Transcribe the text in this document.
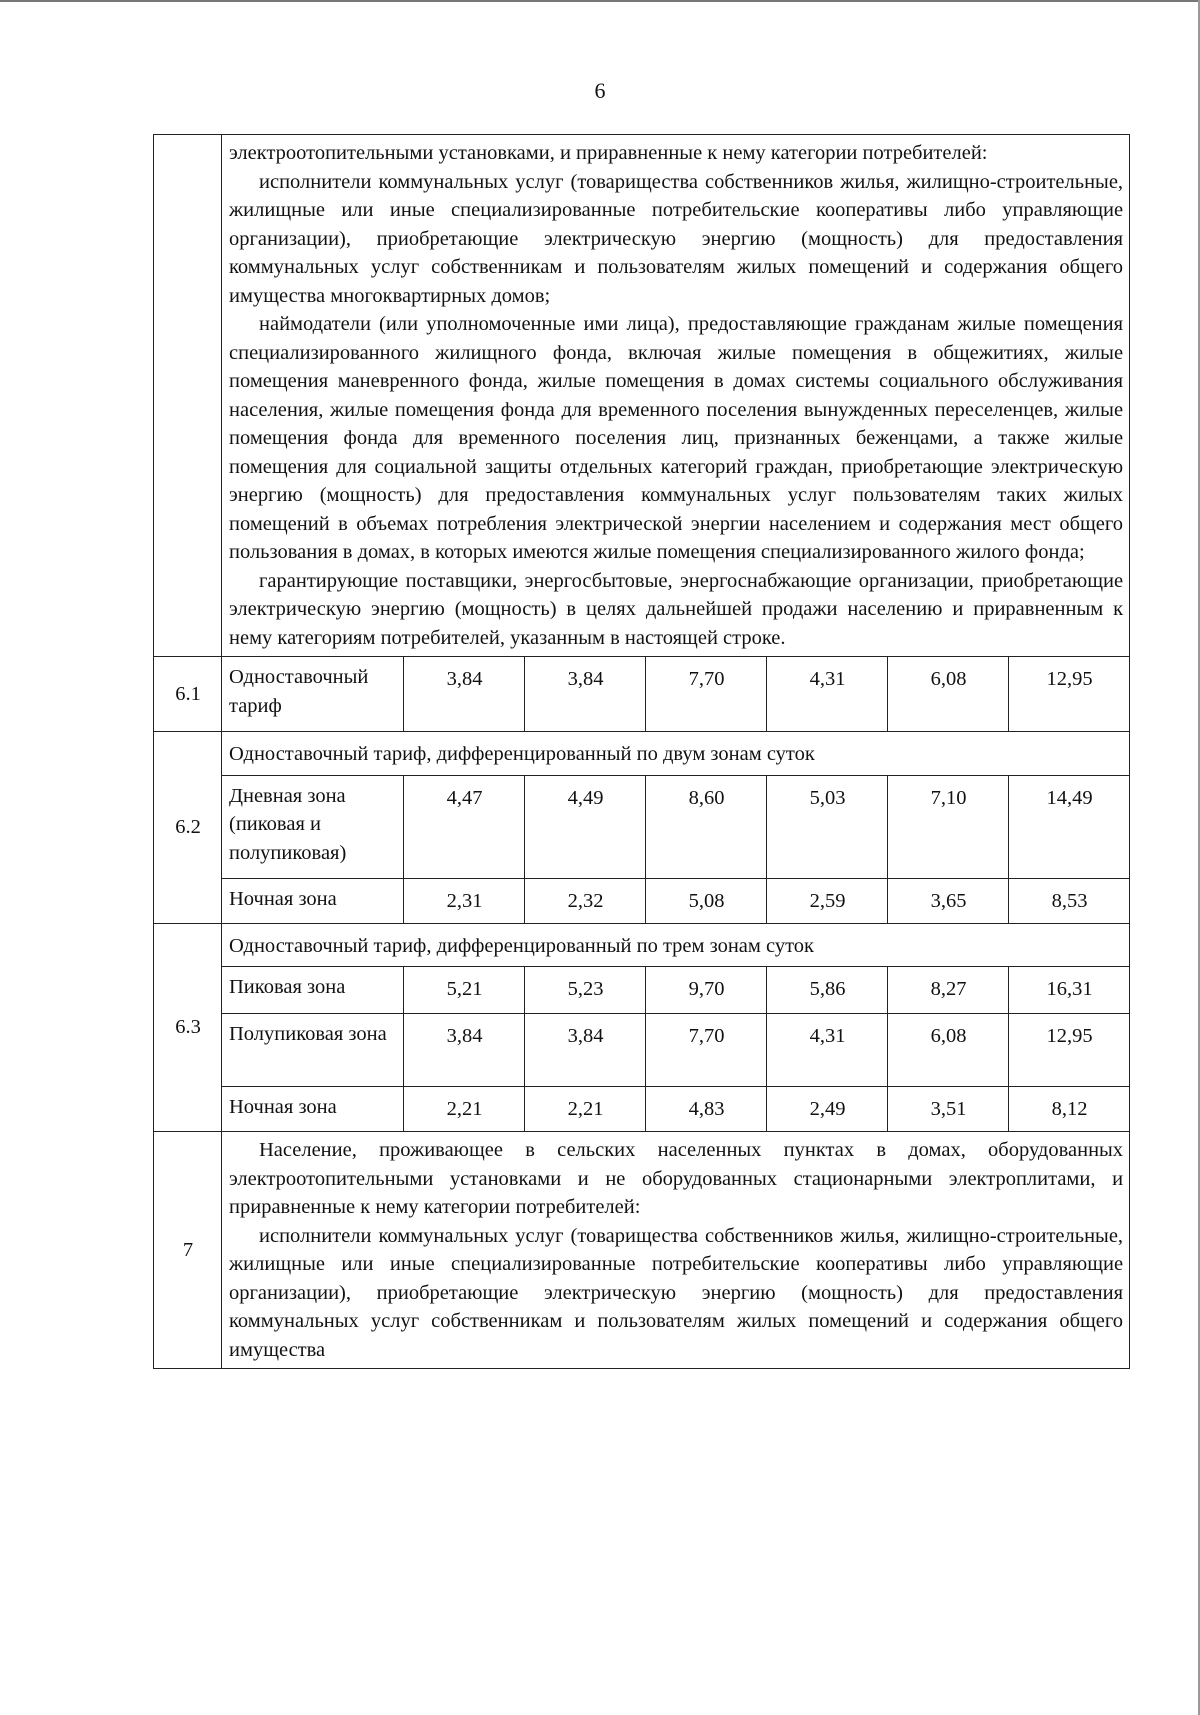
6

	электроотопительными установками, и приравненные к нему категории потребителей:

исполнители коммунальных услуг (товарищества собственников жилья, жилищно-строительные, жилищные или иные специализированные потребительские кооперативы либо управляющие организации), приобретающие электрическую энергию (мощность) для предоставления коммунальных услуг собственникам и пользователям жилых помещений и содержания общего имущества многоквартирных домов;

наймодатели (или уполномоченные ими лица), предоставляющие гражданам жилые помещения специализированного жилищного фонда, включая жилые помещения в общежитиях, жилые помещения маневренного фонда, жилые помещения в домах системы социального обслуживания населения, жилые помещения фонда для временного поселения вынужденных переселенцев, жилые помещения фонда для временного поселения лиц, признанных беженцами, а также жилые помещения для социальной защиты отдельных категорий граждан, приобретающие электрическую энергию (мощность) для предоставления коммунальных услуг пользователям таких жилых помещений в объемах потребления электрической энергии населением и содержания мест общего пользования в домах, в которых имеются жилые помещения специализированного жилого фонда;

гарантирующие поставщики, энергосбытовые, энергоснабжающие организации, приобретающие электрическую энергию (мощность) в целях дальнейшей продажи населению и приравненным к нему категориям потребителей, указанным в настоящей строке.						

6.1	Одноставочный тариф	3,84	3,84	7,70	4,31	6,08	12,95
6.2	Одноставочный тариф, дифференцированный по двум зонам суток						
	Дневная зона (пиковая и полупиковая)	4,47	4,49	8,60	5,03	7,10	14,49
	Ночная зона	2,31	2,32	5,08	2,59	3,65	8,53
6.3	Одноставочный тариф, дифференцированный по трем зонам суток						
	Пиковая зона	5,21	5,23	9,70	5,86	8,27	16,31
	Полупиковая зона	3,84	3,84	7,70	4,31	6,08	12,95
	Ночная зона	2,21	2,21	4,83	2,49	3,51	8,12
7	Население, проживающее в сельских населенных пунктах в домах, оборудованных электроотопительными установками и не оборудованных стационарными электроплитами, и приравненные к нему категории потребителей:

исполнители коммунальных услуг (товарищества собственников жилья, жилищно-строительные, жилищные или иные специализированные потребительские кооперативы либо управляющие организации), приобретающие электрическую энергию (мощность) для предоставления коммунальных услуг собственникам и пользователям жилых помещений и содержания общего имущества						
